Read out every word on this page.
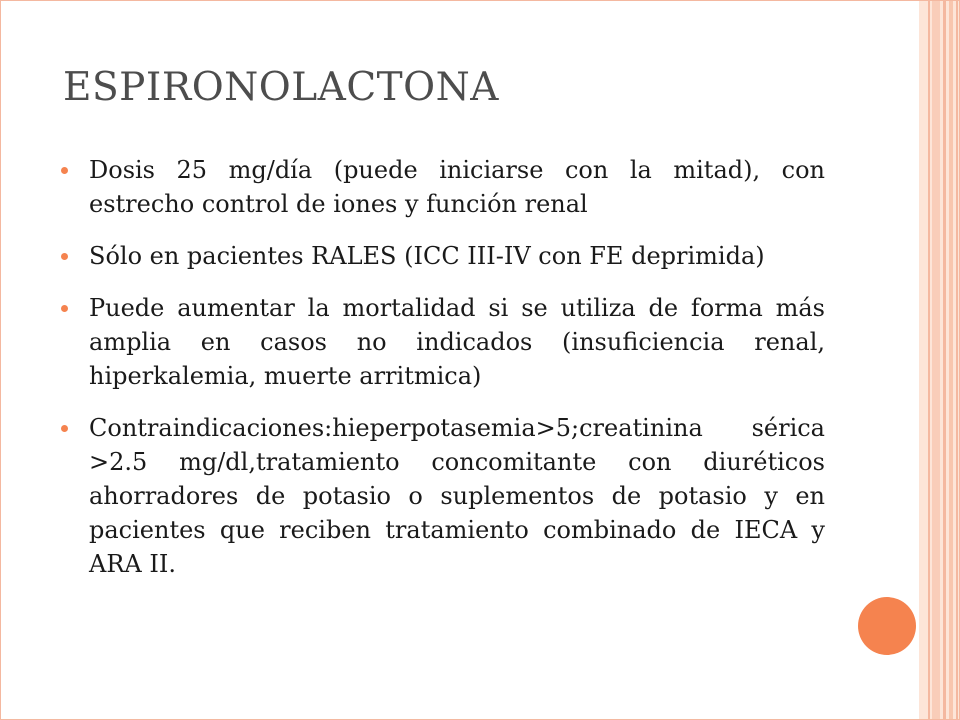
ESPIRONOLACTONA
Dosis 25 mg/día (puede iniciarse con la mitad), con estrecho control de iones y función renal
Sólo en pacientes RALES (ICC III-IV con FE deprimida)
Puede aumentar la mortalidad si se utiliza de forma más amplia en casos no indicados (insuficiencia renal, hiperkalemia, muerte arritmica)
Contraindicaciones:hieperpotasemia>5;creatinina sérica >2.5 mg/dl,tratamiento concomitante con diuréticos ahorradores de potasio o suplementos de potasio y en pacientes que reciben tratamiento combinado de IECA y ARA II.
